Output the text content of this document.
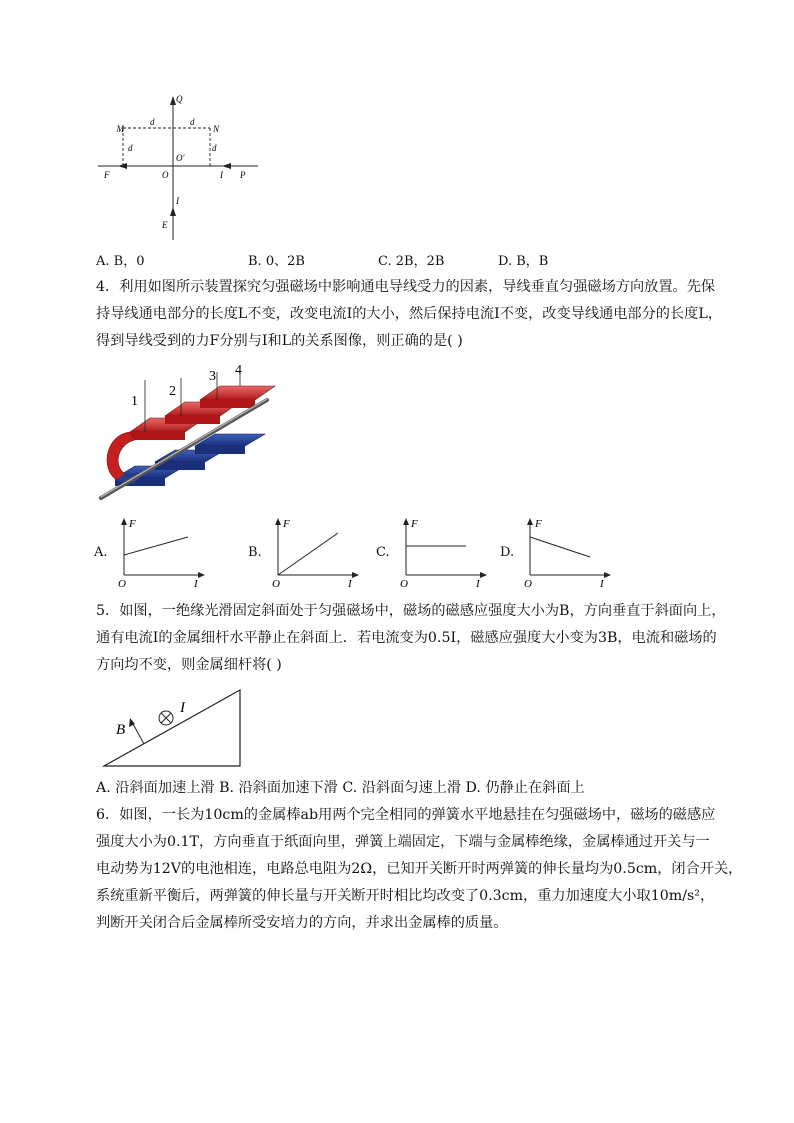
Q
M	N
d	d
d	d
O'
F	O	I P
I
E
A. B，0	B. 0、2B	C. 2B，2B	D. B，B
4．利用如图所示装置探究匀强磁场中影响通电导线受力的因素，导线垂直匀强磁场方向放置。先保
持导线通电部分的长度L不变，改变电流I的大小，然后保持电流I不变，改变导线通电部分的长度L，
得到导线受到的力F分别与I和L的关系图像，则正确的是( )
1
2
3 4
A.
F
O	I
B.
F
O	I
C.
F
O	I
D.
F
O	I
5．如图，一绝缘光滑固定斜面处于匀强磁场中，磁场的磁感应强度大小为B，方向垂直于斜面向上，
通有电流I的金属细杆水平静止在斜面上．若电流变为0.5I，磁感应强度大小变为3B，电流和磁场的
方向均不变，则金属细杆将( )
B
I
A. 沿斜面加速上滑 B. 沿斜面加速下滑 C. 沿斜面匀速上滑 D. 仍静止在斜面上
6．如图，一长为10cm的金属棒ab用两个完全相同的弹簧水平地悬挂在匀强磁场中，磁场的磁感应
强度大小为0.1T，方向垂直于纸面向里，弹簧上端固定，下端与金属棒绝缘，金属棒通过开关与一
电动势为12V的电池相连，电路总电阻为2Ω，已知开关断开时两弹簧的伸长量均为0.5cm，闭合开关，
系统重新平衡后，两弹簧的伸长量与开关断开时相比均改变了0.3cm，重力加速度大小取10m/s²，
判断开关闭合后金属棒所受安培力的方向，并求出金属棒的质量。
